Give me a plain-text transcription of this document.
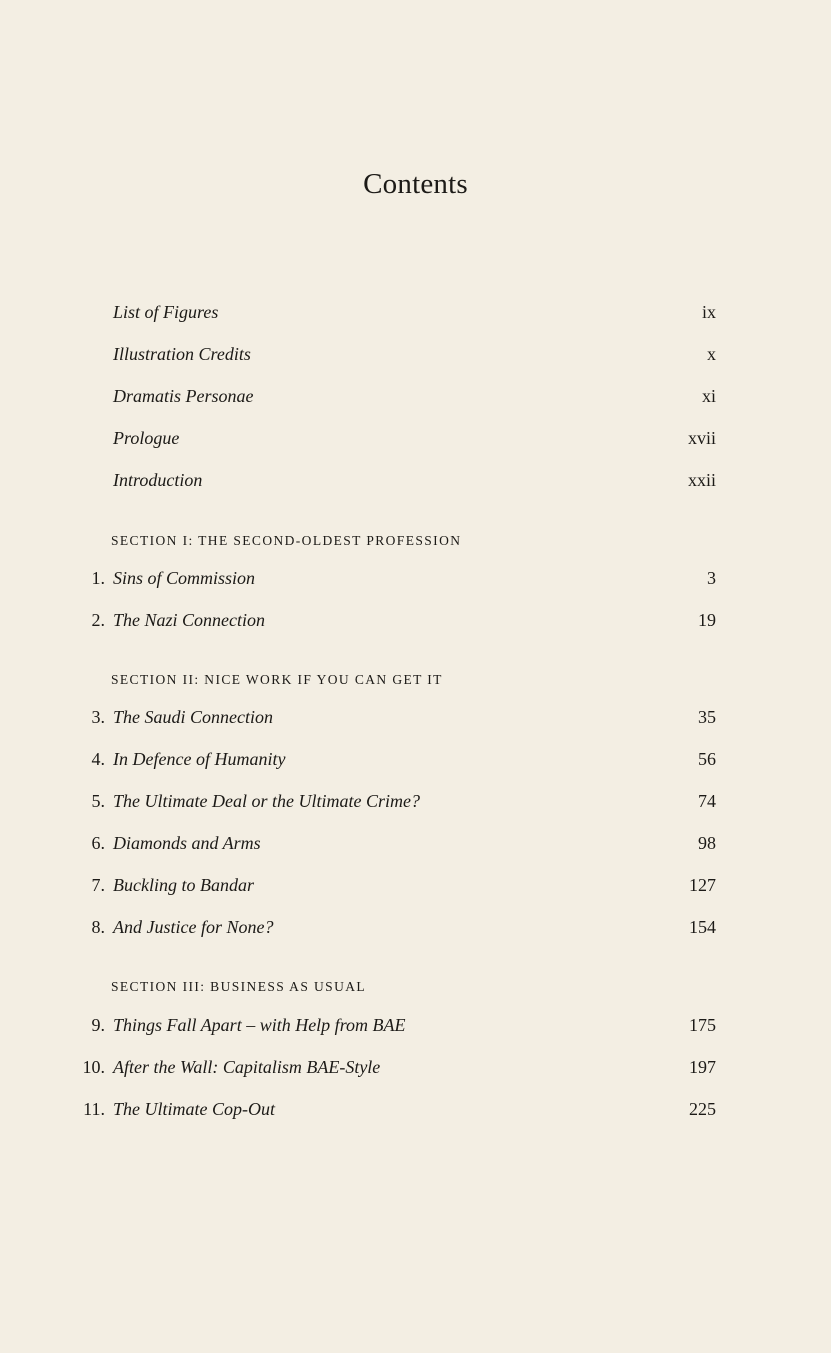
Contents
List of Figures	ix
Illustration Credits	x
Dramatis Personae	xi
Prologue	xvii
Introduction	xxii
SECTION I: THE SECOND-OLDEST PROFESSION
1. Sins of Commission	3
2. The Nazi Connection	19
SECTION II: NICE WORK IF YOU CAN GET IT
3. The Saudi Connection	35
4. In Defence of Humanity	56
5. The Ultimate Deal or the Ultimate Crime?	74
6. Diamonds and Arms	98
7. Buckling to Bandar	127
8. And Justice for None?	154
SECTION III: BUSINESS AS USUAL
9. Things Fall Apart – with Help from BAE	175
10. After the Wall: Capitalism BAE-Style	197
11. The Ultimate Cop-Out	225
